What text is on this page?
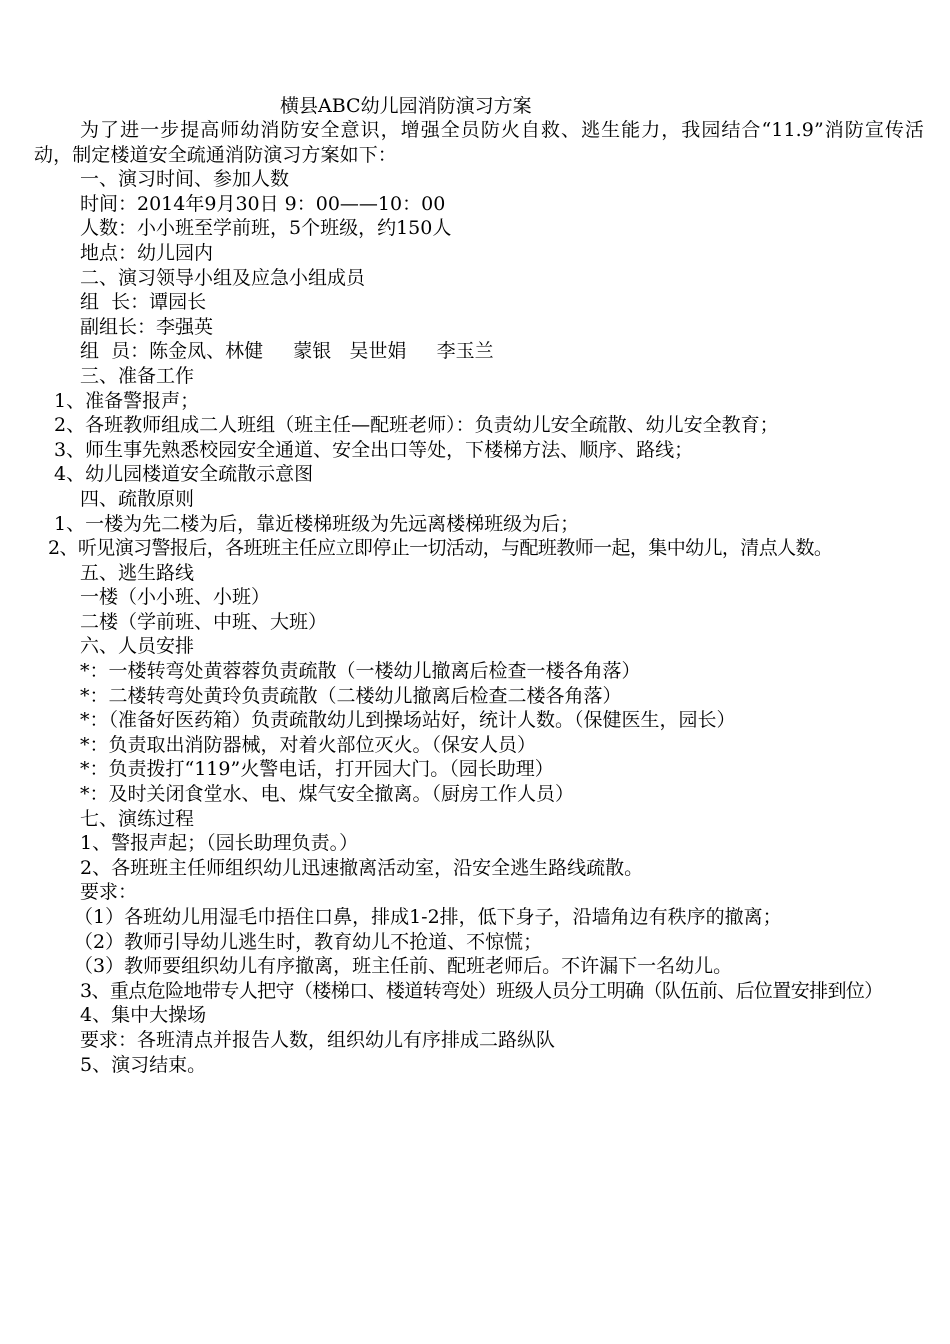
横县ABC幼儿园消防演习方案

为了进一步提高师幼消防安全意识，增强全员防火自救、逃生能力，我园结合“11.9”消防宣传活动，制定楼道安全疏通消防演习方案如下：

一、演习时间、参加人数

时间：2014年9月30日 9：00——10：00

人数：小小班至学前班，5个班级，约150人

地点：幼儿园内

二、演习领导小组及应急小组成员

组  长：谭园长

副组长：李强英

组  员：陈金凤、林健     蒙银   吴世娟     李玉兰

三、准备工作

1、准备警报声；

2、各班教师组成二人班组（班主任—配班老师）：负责幼儿安全疏散、幼儿安全教育；

3、师生事先熟悉校园安全通道、安全出口等处，下楼梯方法、顺序、路线；

4、幼儿园楼道安全疏散示意图

四、疏散原则

1、一楼为先二楼为后，靠近楼梯班级为先远离楼梯班级为后；

2、听见演习警报后，各班班主任应立即停止一切活动，与配班教师一起，集中幼儿，清点人数。

五、逃生路线

一楼（小小班、小班）

二楼（学前班、中班、大班）

六、人员安排

*：一楼转弯处黄蓉蓉负责疏散（一楼幼儿撤离后检查一楼各角落）

*：二楼转弯处黄玲负责疏散（二楼幼儿撤离后检查二楼各角落）

*：（准备好医药箱）负责疏散幼儿到操场站好，统计人数。（保健医生，园长）

*：负责取出消防器械，对着火部位灭火。（保安人员）

*：负责拨打“119”火警电话，打开园大门。（园长助理）

*：及时关闭食堂水、电、煤气安全撤离。（厨房工作人员）

七、演练过程

1、警报声起；（园长助理负责。）

2、各班班主任师组织幼儿迅速撤离活动室，沿安全逃生路线疏散。

要求：

（1）各班幼儿用湿毛巾捂住口鼻，排成1-2排，低下身子，沿墙角边有秩序的撤离；

（2）教师引导幼儿逃生时，教育幼儿不抢道、不惊慌；

（3）教师要组织幼儿有序撤离，班主任前、配班老师后。不许漏下一名幼儿。

3、重点危险地带专人把守（楼梯口、楼道转弯处）班级人员分工明确（队伍前、后位置安排到位）

4、集中大操场

要求：各班清点并报告人数，组织幼儿有序排成二路纵队

5、演习结束。
